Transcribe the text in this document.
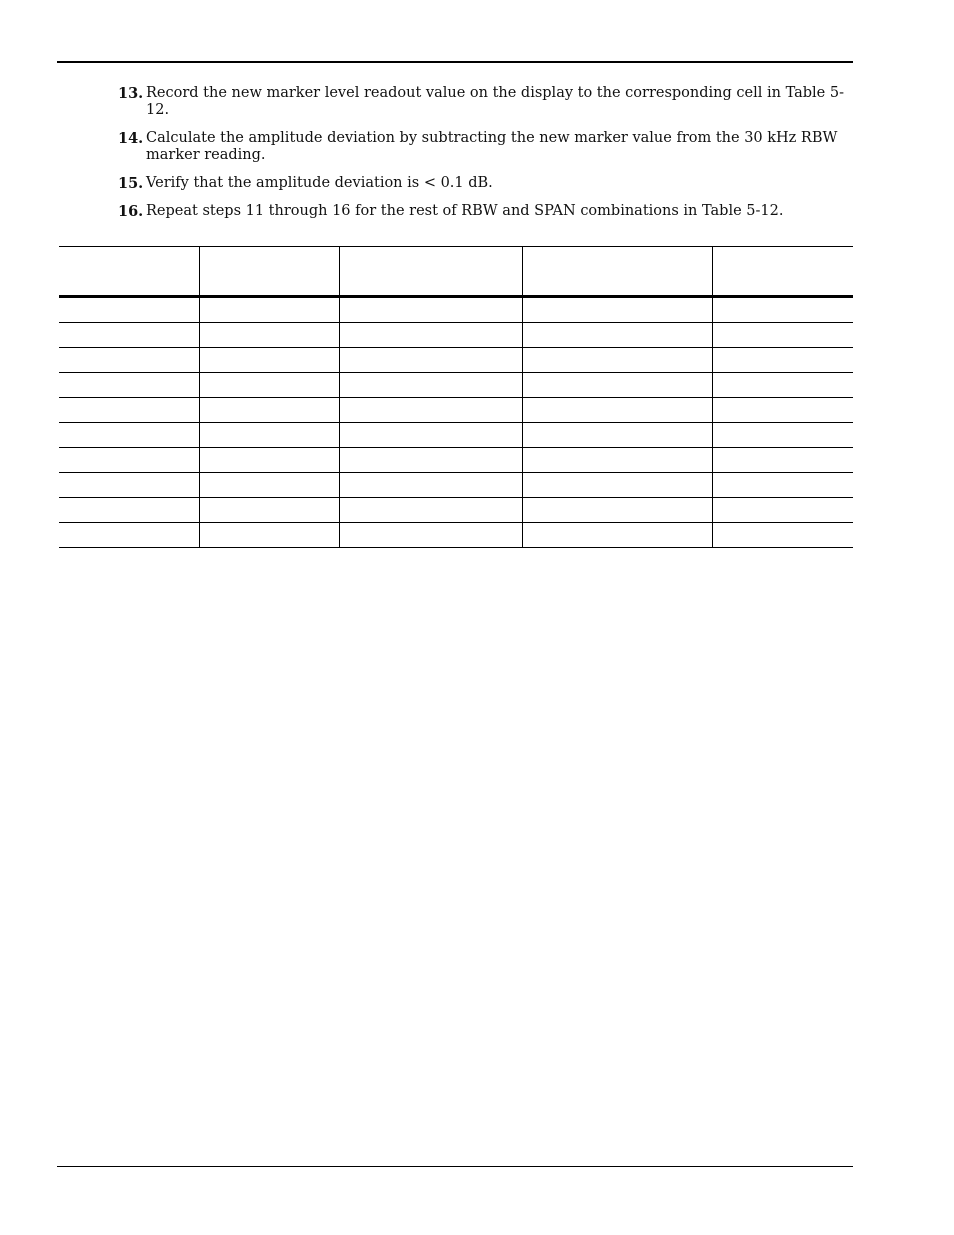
13. Record the new marker level readout value on the display to the corresponding cell in Table 5-12.
14. Calculate the amplitude deviation by subtracting the new marker value from the 30 kHz RBW marker reading.
15. Verify that the amplitude deviation is < 0.1 dB.
16. Repeat steps 11 through 16 for the rest of RBW and SPAN combinations in Table 5-12.
